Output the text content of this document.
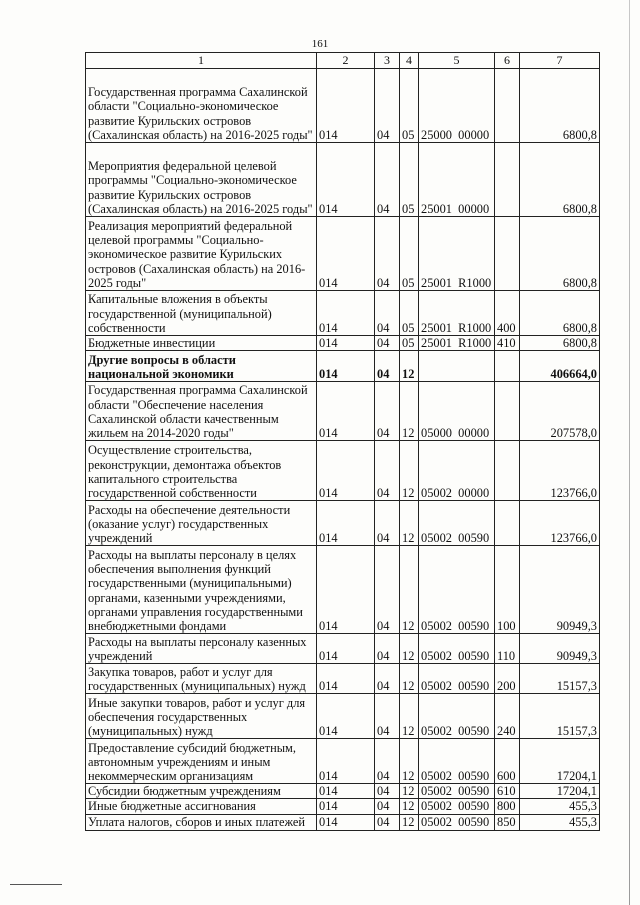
161
1	2	3	4	5	6	7
Государственная программа Сахалинской области "Социально-экономическое развитие Курильских островов (Сахалинская область) на 2016-2025 годы"	014	04	05	25000  00000		6800,8
Мероприятия федеральной целевой программы "Социально-экономическое развитие Курильских островов (Сахалинская область) на 2016-2025 годы"	014	04	05	25001  00000		6800,8
Реализация мероприятий федеральной целевой программы "Социально-экономическое развитие Курильских островов (Сахалинская область) на 2016-2025 годы"	014	04	05	25001  R1000		6800,8
Капитальные вложения в объекты государственной (муниципальной) собственности	014	04	05	25001  R1000	400	6800,8
Бюджетные инвестиции	014	04	05	25001  R1000	410	6800,8
Другие вопросы в области национальной экономики	014	04	12			406664,0
Государственная программа Сахалинской области "Обеспечение населения Сахалинской области качественным жильем на 2014-2020 годы"	014	04	12	05000  00000		207578,0
Осуществление строительства, реконструкции, демонтажа объектов капитального строительства государственной собственности	014	04	12	05002  00000		123766,0
Расходы на обеспечение деятельности (оказание услуг) государственных учреждений	014	04	12	05002  00590		123766,0
Расходы на выплаты персоналу в целях обеспечения выполнения функций государственными (муниципальными) органами, казенными учреждениями, органами управления государственными внебюджетными фондами	014	04	12	05002  00590	100	90949,3
Расходы на выплаты персоналу казенных учреждений	014	04	12	05002  00590	110	90949,3
Закупка товаров, работ и услуг для государственных (муниципальных) нужд	014	04	12	05002  00590	200	15157,3
Иные закупки товаров, работ и услуг для обеспечения государственных (муниципальных) нужд	014	04	12	05002  00590	240	15157,3
Предоставление субсидий бюджетным, автономным учреждениям и иным некоммерческим организациям	014	04	12	05002  00590	600	17204,1
Субсидии бюджетным учреждениям	014	04	12	05002  00590	610	17204,1
Иные бюджетные ассигнования	014	04	12	05002  00590	800	455,3
Уплата налогов, сборов и иных платежей	014	04	12	05002  00590	850	455,3
